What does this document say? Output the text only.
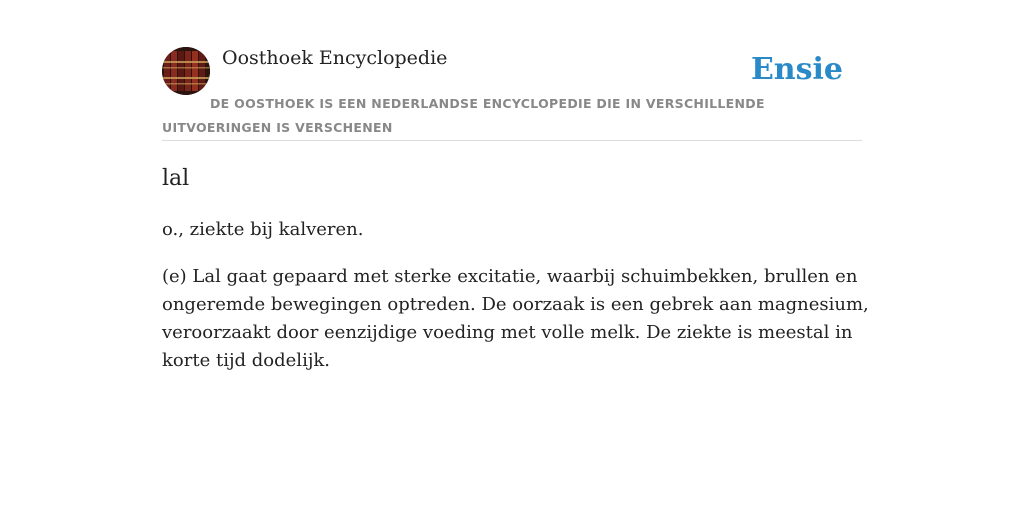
Oosthoek Encyclopedie	Ensie
DE OOSTHOEK IS EEN NEDERLANDSE ENCYCLOPEDIE DIE IN VERSCHILLENDE UITVOERINGEN IS VERSCHENEN
lal
o., ziekte bij kalveren.
(e) Lal gaat gepaard met sterke excitatie, waarbij schuimbekken, brullen en ongeremde bewegingen optreden. De oorzaak is een gebrek aan magnesium, veroorzaakt door eenzijdige voeding met volle melk. De ziekte is meestal in korte tijd dodelijk.
